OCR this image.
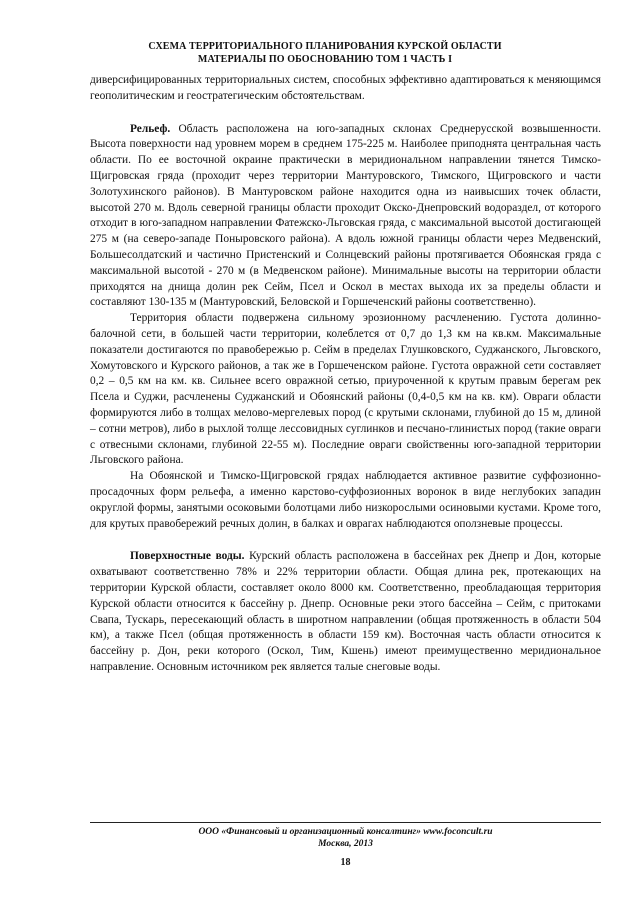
СХЕМА ТЕРРИТОРИАЛЬНОГО ПЛАНИРОВАНИЯ КУРСКОЙ ОБЛАСТИ
МАТЕРИАЛЫ ПО ОБОСНОВАНИЮ ТОМ 1 ЧАСТЬ I

диверсифицированных территориальных систем, способных эффективно адаптироваться к меняющимся геополитическим и геостратегическим обстоятельствам.

Рельеф. Область расположена на юго-западных склонах Среднерусской возвышенности. Высота поверхности над уровнем морем в среднем 175-225 м. Наиболее приподнята центральная часть области. По ее восточной окраине практически в меридиональном направлении тянется Тимско-Щигровская гряда (проходит через территории Мантуровского, Тимского, Щигровского и части Золотухинского районов). В Мантуровском районе находится одна из наивысших точек области, высотой 270 м. Вдоль северной границы области проходит Окско-Днепровский водораздел, от которого отходит в юго-западном направлении Фатежско-Льговская гряда, с максимальной высотой достигающей 275 м (на северо-западе Поныровского района). А вдоль южной границы области через Медвенский, Большесолдатский и частично Пристенский и Солнцевский районы протягивается Обоянская гряда с максимальной высотой - 270 м (в Медвенском районе). Минимальные высоты на территории области приходятся на днища долин рек Сейм, Псел и Оскол в местах выхода их за пределы области и составляют 130-135 м (Мантуровский, Беловской и Горшеченский районы соответственно).

Территория области подвержена сильному эрозионному расчленению. Густота долинно-балочной сети, в большей части территории, колеблется от 0,7 до 1,3 км на кв.км. Максимальные показатели достигаются по правобережью р. Сейм в пределах Глушковского, Суджанского, Льговского, Хомутовского и Курского районов, а так же в Горшеченском районе. Густота овражной сети составляет 0,2 – 0,5 км на км. кв. Сильнее всего овражной сетью, приуроченной к крутым правым берегам рек Псела и Суджи, расчленены Суджанский и Обоянский районы (0,4-0,5 км на кв. км). Овраги области формируются либо в толщах мелово-мергелевых пород (с крутыми склонами, глубиной до 15 м, длиной – сотни метров), либо в рыхлой толще лессовидных суглинков и песчано-глинистых пород (такие овраги с отвесными склонами, глубиной 22-55 м). Последние овраги свойственны юго-западной территории Льговского района.

На Обоянской и Тимско-Щигровской грядах наблюдается активное развитие суффозионно-просадочных форм рельефа, а именно карстово-суффозионных воронок в виде неглубоких западин округлой формы, занятыми осоковыми болотцами либо низкорослыми осиновыми кустами. Кроме того, для крутых правобережий речных долин, в балках и оврагах наблюдаются оползневые процессы.

Поверхностные воды. Курский область расположена в бассейнах рек Днепр и Дон, которые охватывают соответственно 78% и 22% территории области. Общая длина рек, протекающих на территории Курской области, составляет около 8000 км. Соответственно, преобладающая территория Курской области относится к бассейну р. Днепр. Основные реки этого бассейна – Сейм, с притоками Свапа, Тускарь, пересекающий область в широтном направлении (общая протяженность в области 504 км), а также Псел (общая протяженность в области 159 км). Восточная часть области относится к бассейну р. Дон, реки которого (Оскол, Тим, Кшень) имеют преимущественно меридиональное направление. Основным источником рек является талые снеговые воды.

ООО «Финансовый и организационный консалтинг» www.foconcult.ru
Москва, 2013
18
